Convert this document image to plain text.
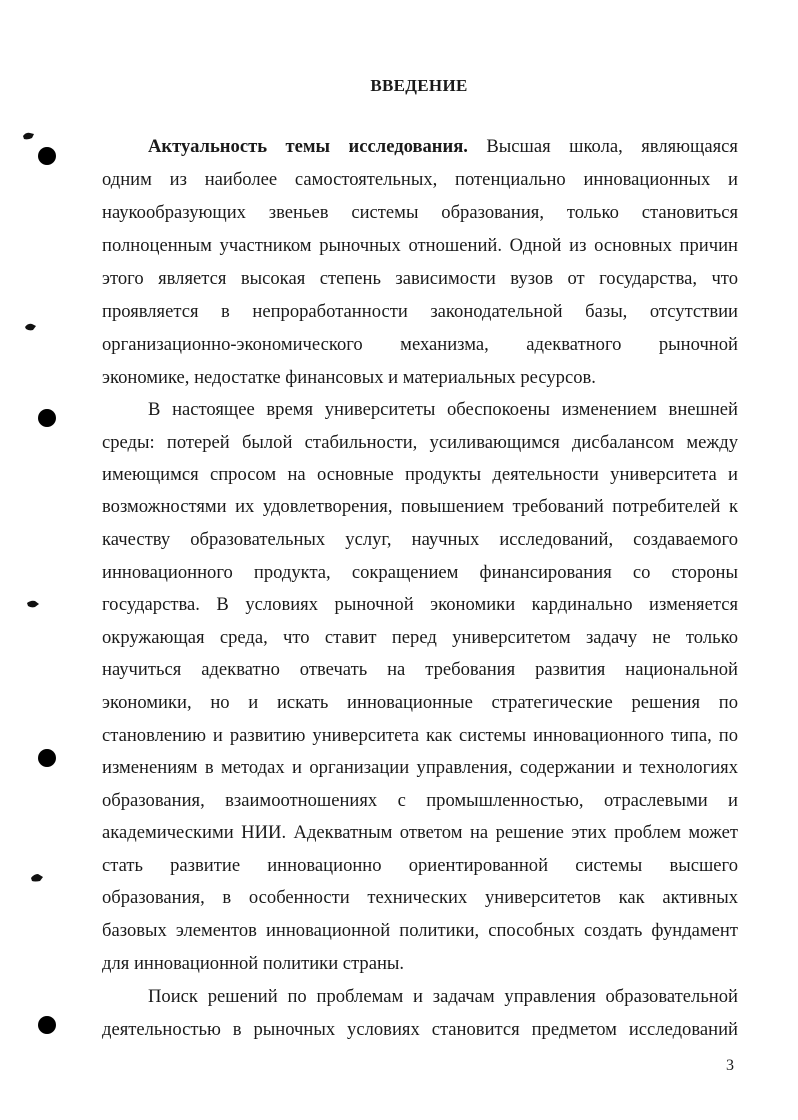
ВВЕДЕНИЕ
Актуальность темы исследования. Высшая школа, являющаяся
одним из наиболее самостоятельных, потенциально инновационных и
наукообразующих звеньев системы образования, только становиться
полноценным участником рыночных отношений. Одной из основных причин
этого является высокая степень зависимости вузов от государства, что
проявляется в непроработанности законодательной базы, отсутствии
организационно-экономического механизма, адекватного рыночной
экономике, недостатке финансовых и материальных ресурсов.
В настоящее время университеты обеспокоены изменением внешней
среды: потерей былой стабильности, усиливающимся дисбалансом между
имеющимся спросом на основные продукты деятельности университета и
возможностями их удовлетворения, повышением требований потребителей к
качеству образовательных услуг, научных исследований, создаваемого
инновационного продукта, сокращением финансирования со стороны
государства. В условиях рыночной экономики кардинально изменяется
окружающая среда, что ставит перед университетом задачу не только
научиться адекватно отвечать на требования развития национальной
экономики, но и искать инновационные стратегические решения по
становлению и развитию университета как системы инновационного типа, по
изменениям в методах и организации управления, содержании и технологиях
образования, взаимоотношениях с промышленностью, отраслевыми и
академическими НИИ. Адекватным ответом на решение этих проблем может
стать развитие инновационно ориентированной системы высшего
образования, в особенности технических университетов как активных
базовых элементов инновационной политики, способных создать фундамент
для инновационной политики страны.
Поиск решений по проблемам и задачам управления образовательной
деятельностью в рыночных условиях становится предметом исследований
3
